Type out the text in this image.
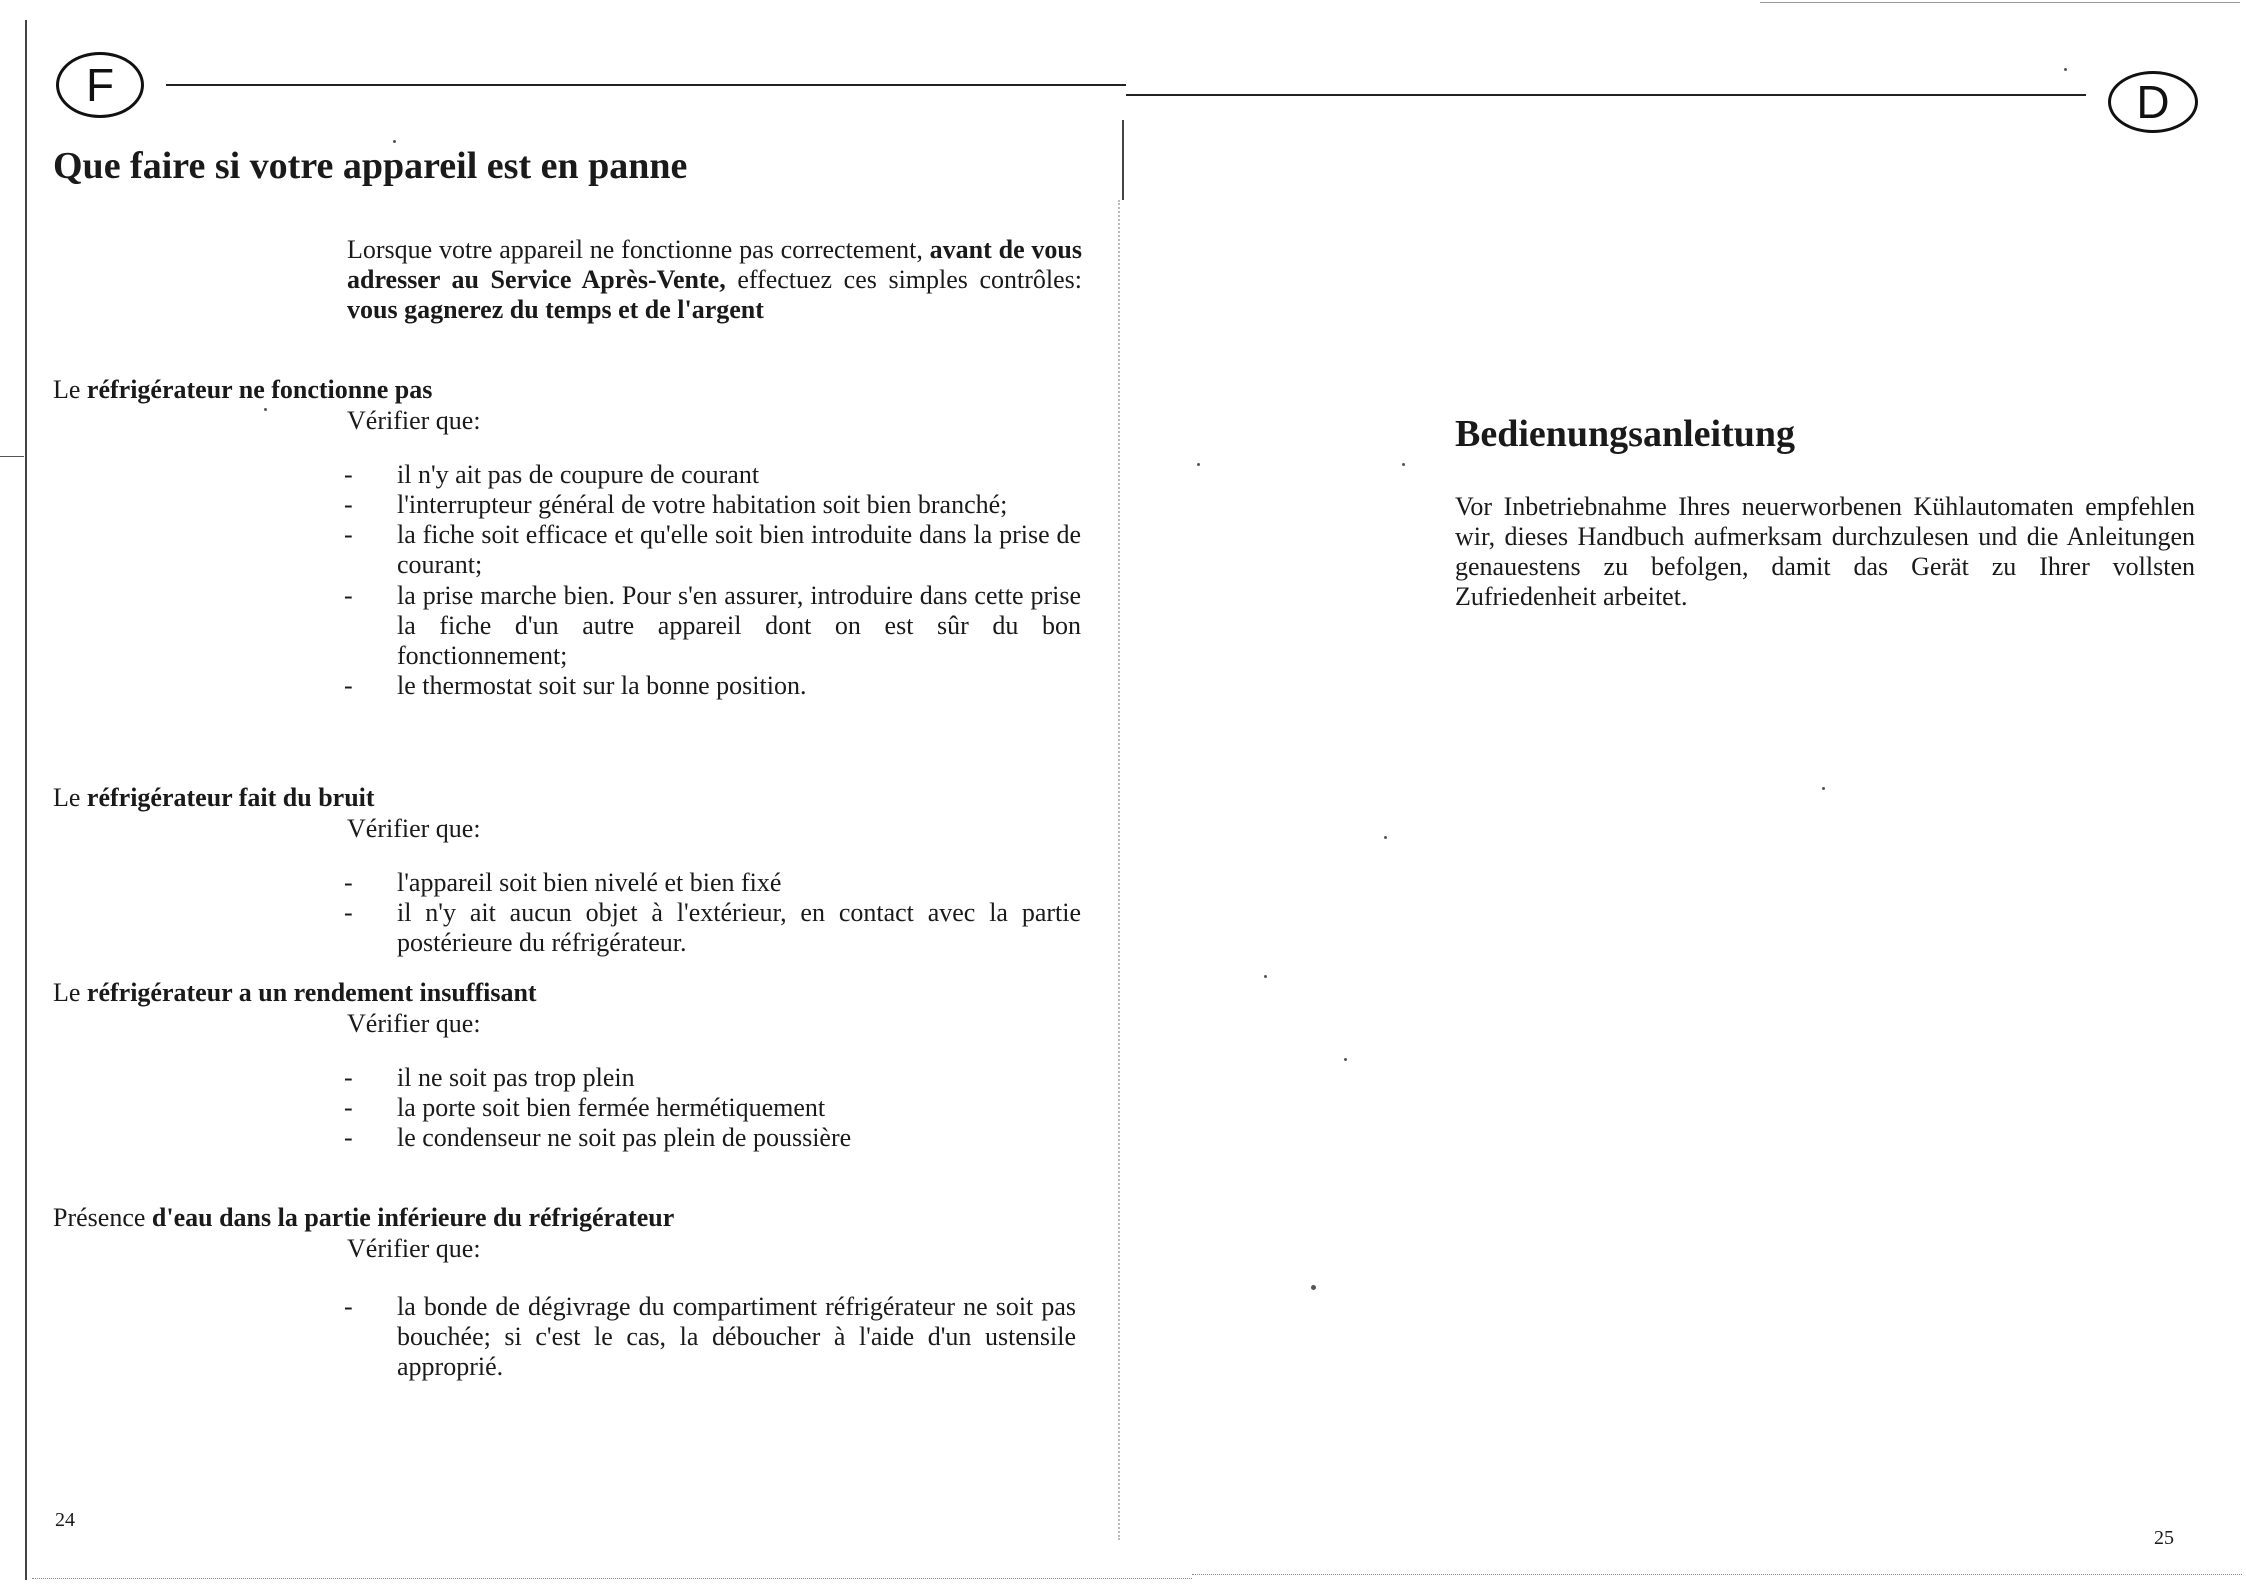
F
Que faire si votre appareil est en panne
Lorsque votre appareil ne fonctionne pas correctement, avant de vous adresser au Service Après-Vente, effectuez ces simples contrôles: vous gagnerez du temps et de l'argent
Le réfrigérateur ne fonctionne pas
Vérifier que:
- il n'y ait pas de coupure de courant
- l'interrupteur général de votre habitation soit bien branché;
- la fiche soit efficace et qu'elle soit bien introduite dans la prise de courant;
- la prise marche bien. Pour s'en assurer, introduire dans cette prise la fiche d'un autre appareil dont on est sûr du bon fonctionnement;
- le thermostat soit sur la bonne position.
Le réfrigérateur fait du bruit
Vérifier que:
- l'appareil soit bien nivelé et bien fixé
- il n'y ait aucun objet à l'extérieur, en contact avec la partie postérieure du réfrigérateur.
Le réfrigérateur a un rendement insuffisant
Vérifier que:
- il ne soit pas trop plein
- la porte soit bien fermée hermétiquement
- le condenseur ne soit pas plein de poussière
Présence d'eau dans la partie inférieure du réfrigérateur
Vérifier que:
- la bonde de dégivrage du compartiment réfrigérateur ne soit pas bouchée; si c'est le cas, la déboucher à l'aide d'un ustensile approprié.
24
D
Bedienungsanleitung
Vor Inbetriebnahme Ihres neuerworbenen Kühlautomaten empfehlen wir, dieses Handbuch aufmerksam durchzulesen und die Anleitungen genauestens zu befolgen, damit das Gerät zu Ihrer vollsten Zufriedenheit arbeitet.
25
